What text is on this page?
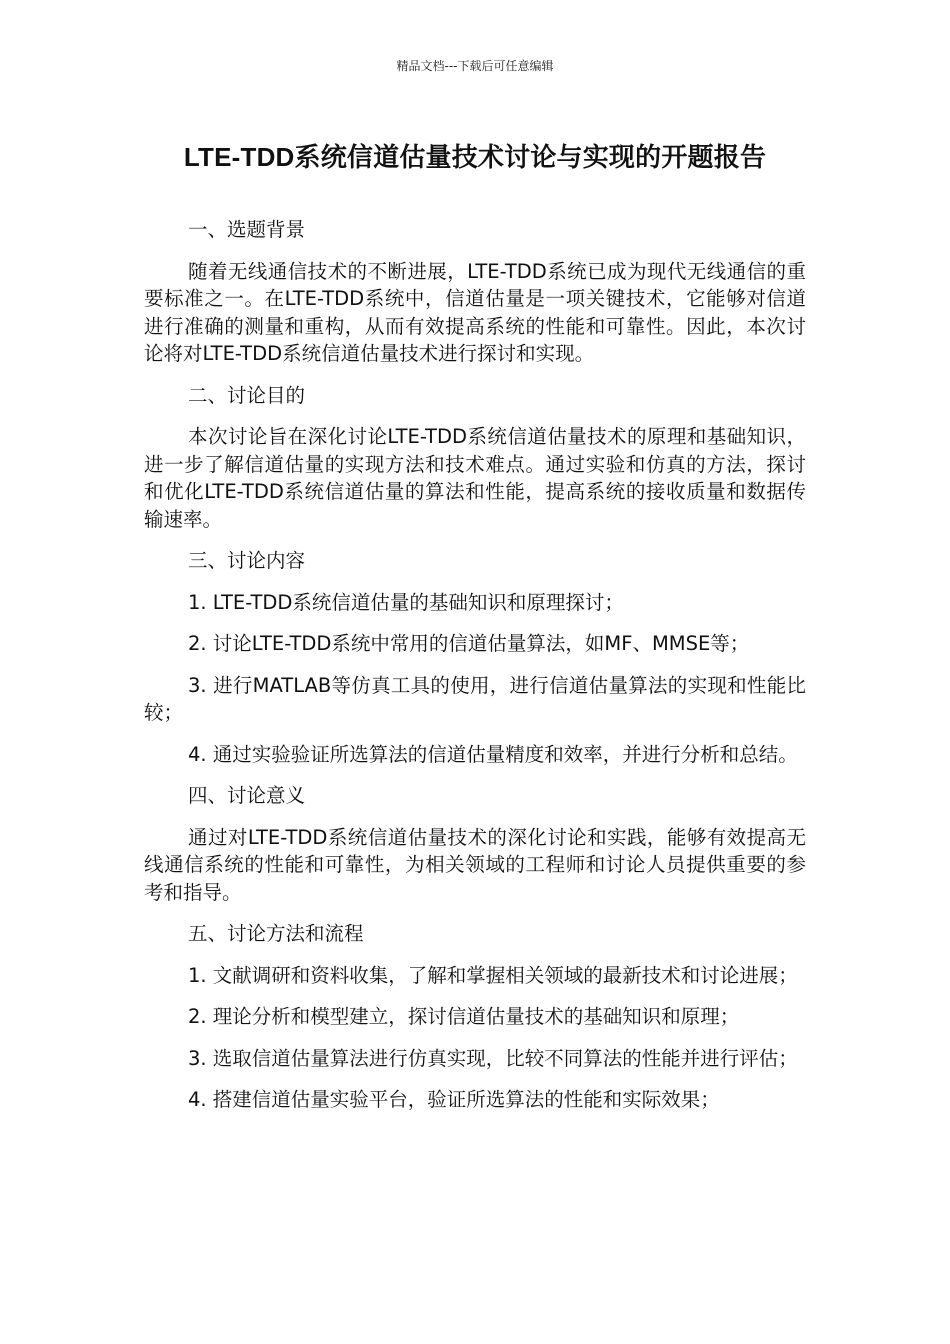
精品文档---下载后可任意编辑
LTE-TDD系统信道估量技术讨论与实现的开题报告

一、选题背景

随着无线通信技术的不断进展，LTE-TDD系统已成为现代无线通信的重要标准之一。在LTE-TDD系统中，信道估量是一项关键技术，它能够对信道进行准确的测量和重构，从而有效提高系统的性能和可靠性。因此，本次讨论将对LTE-TDD系统信道估量技术进行探讨和实现。

二、讨论目的

本次讨论旨在深化讨论LTE-TDD系统信道估量技术的原理和基础知识，进一步了解信道估量的实现方法和技术难点。通过实验和仿真的方法，探讨和优化LTE-TDD系统信道估量的算法和性能，提高系统的接收质量和数据传输速率。

三、讨论内容

1. LTE-TDD系统信道估量的基础知识和原理探讨；

2. 讨论LTE-TDD系统中常用的信道估量算法，如MF、MMSE等；

3. 进行MATLAB等仿真工具的使用，进行信道估量算法的实现和性能比较；

4. 通过实验验证所选算法的信道估量精度和效率，并进行分析和总结。

四、讨论意义

通过对LTE-TDD系统信道估量技术的深化讨论和实践，能够有效提高无线通信系统的性能和可靠性，为相关领域的工程师和讨论人员提供重要的参考和指导。

五、讨论方法和流程

1. 文献调研和资料收集，了解和掌握相关领域的最新技术和讨论进展；

2. 理论分析和模型建立，探讨信道估量技术的基础知识和原理；

3. 选取信道估量算法进行仿真实现，比较不同算法的性能并进行评估；

4. 搭建信道估量实验平台，验证所选算法的性能和实际效果；
